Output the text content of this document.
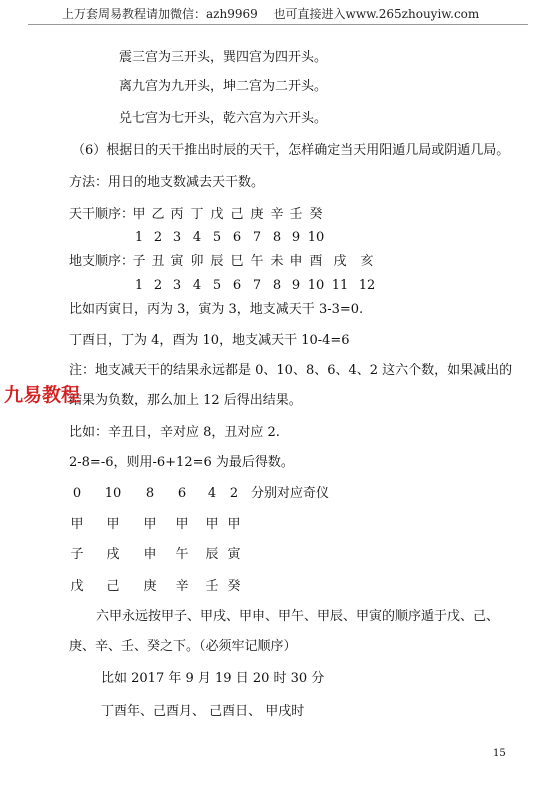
上万套周易教程请加微信：azh9969　 也可直接进入www.265zhouyiw.com
震三宫为三开头，巽四宫为四开头。
离九宫为九开头，坤二宫为二开头。
兑七宫为七开头，乾六宫为六开头。
（6）根据日的天干推出时辰的天干，怎样确定当天用阳遁几局或阴遁几局。
方法：用日的地支数减去天干数。
天干顺序：
甲 乙 丙 丁 戊 己 庚 辛 壬 癸
1 2 3 4 5 6 7 8 9 10
地支顺序：
子 丑 寅 卯 辰 巳 午 未 申 酉 戌 亥
1 2 3 4 5 6 7 8 9 10 11 12
比如丙寅日，丙为 3，寅为 3，地支减天干 3-3=0.
丁酉日，丁为 4，酉为 10，地支减天干 10-4=6
注：地支减天干的结果永远都是 0、10、8、6、4、2 这六个数，如果减出的
结果为负数，那么加上 12 后得出结果。
九易教程
比如：辛丑日，辛对应 8，丑对应 2.
2-8=-6，则用-6+12=6 为最后得数。
0 10 8 6 4 2 分别对应奇仪
甲 甲 甲 甲 甲 甲
子 戌 申 午 辰 寅
戊 己 庚 辛 壬 癸
六甲永远按甲子、甲戌、甲申、甲午、甲辰、甲寅的顺序遁于戊、己、
庚、辛、壬、癸之下。（必须牢记顺序）
比如 2017 年 9 月 19 日 20 时 30 分
丁酉年、己酉月、 己酉日、 甲戌时
15
